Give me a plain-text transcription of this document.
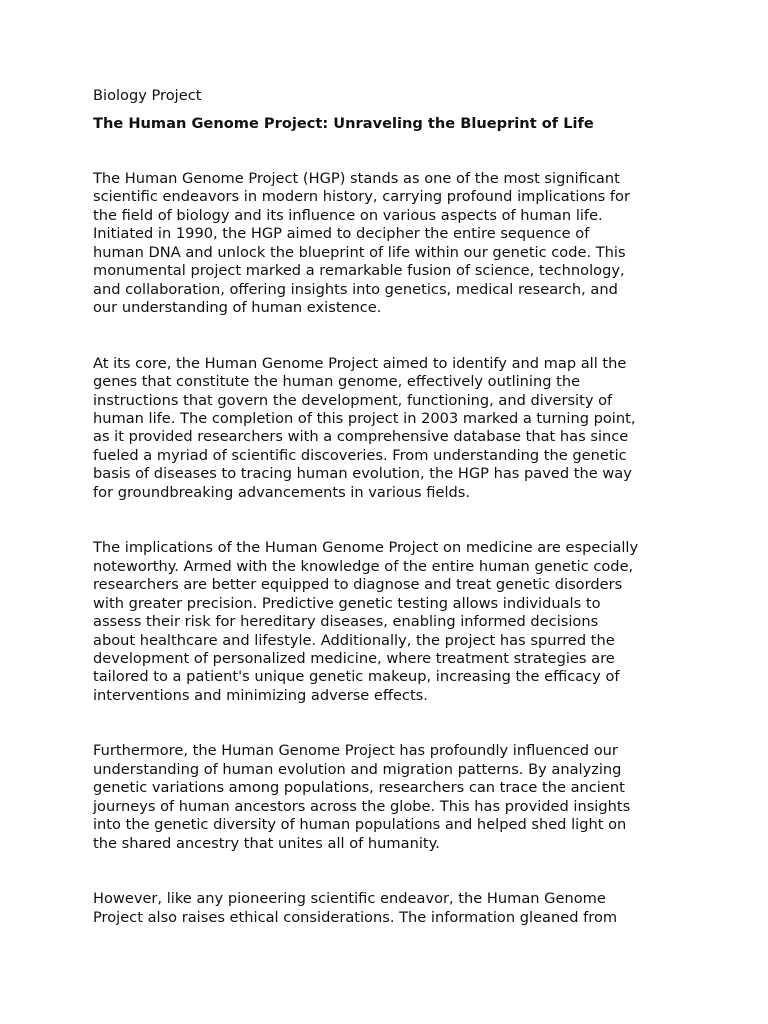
Biology Project
The Human Genome Project: Unraveling the Blueprint of Life
The Human Genome Project (HGP) stands as one of the most significant
scientific endeavors in modern history, carrying profound implications for
the field of biology and its influence on various aspects of human life.
Initiated in 1990, the HGP aimed to decipher the entire sequence of
human DNA and unlock the blueprint of life within our genetic code. This
monumental project marked a remarkable fusion of science, technology,
and collaboration, offering insights into genetics, medical research, and
our understanding of human existence.
At its core, the Human Genome Project aimed to identify and map all the
genes that constitute the human genome, effectively outlining the
instructions that govern the development, functioning, and diversity of
human life. The completion of this project in 2003 marked a turning point,
as it provided researchers with a comprehensive database that has since
fueled a myriad of scientific discoveries. From understanding the genetic
basis of diseases to tracing human evolution, the HGP has paved the way
for groundbreaking advancements in various fields.
The implications of the Human Genome Project on medicine are especially
noteworthy. Armed with the knowledge of the entire human genetic code,
researchers are better equipped to diagnose and treat genetic disorders
with greater precision. Predictive genetic testing allows individuals to
assess their risk for hereditary diseases, enabling informed decisions
about healthcare and lifestyle. Additionally, the project has spurred the
development of personalized medicine, where treatment strategies are
tailored to a patient's unique genetic makeup, increasing the efficacy of
interventions and minimizing adverse effects.
Furthermore, the Human Genome Project has profoundly influenced our
understanding of human evolution and migration patterns. By analyzing
genetic variations among populations, researchers can trace the ancient
journeys of human ancestors across the globe. This has provided insights
into the genetic diversity of human populations and helped shed light on
the shared ancestry that unites all of humanity.
However, like any pioneering scientific endeavor, the Human Genome
Project also raises ethical considerations. The information gleaned from
